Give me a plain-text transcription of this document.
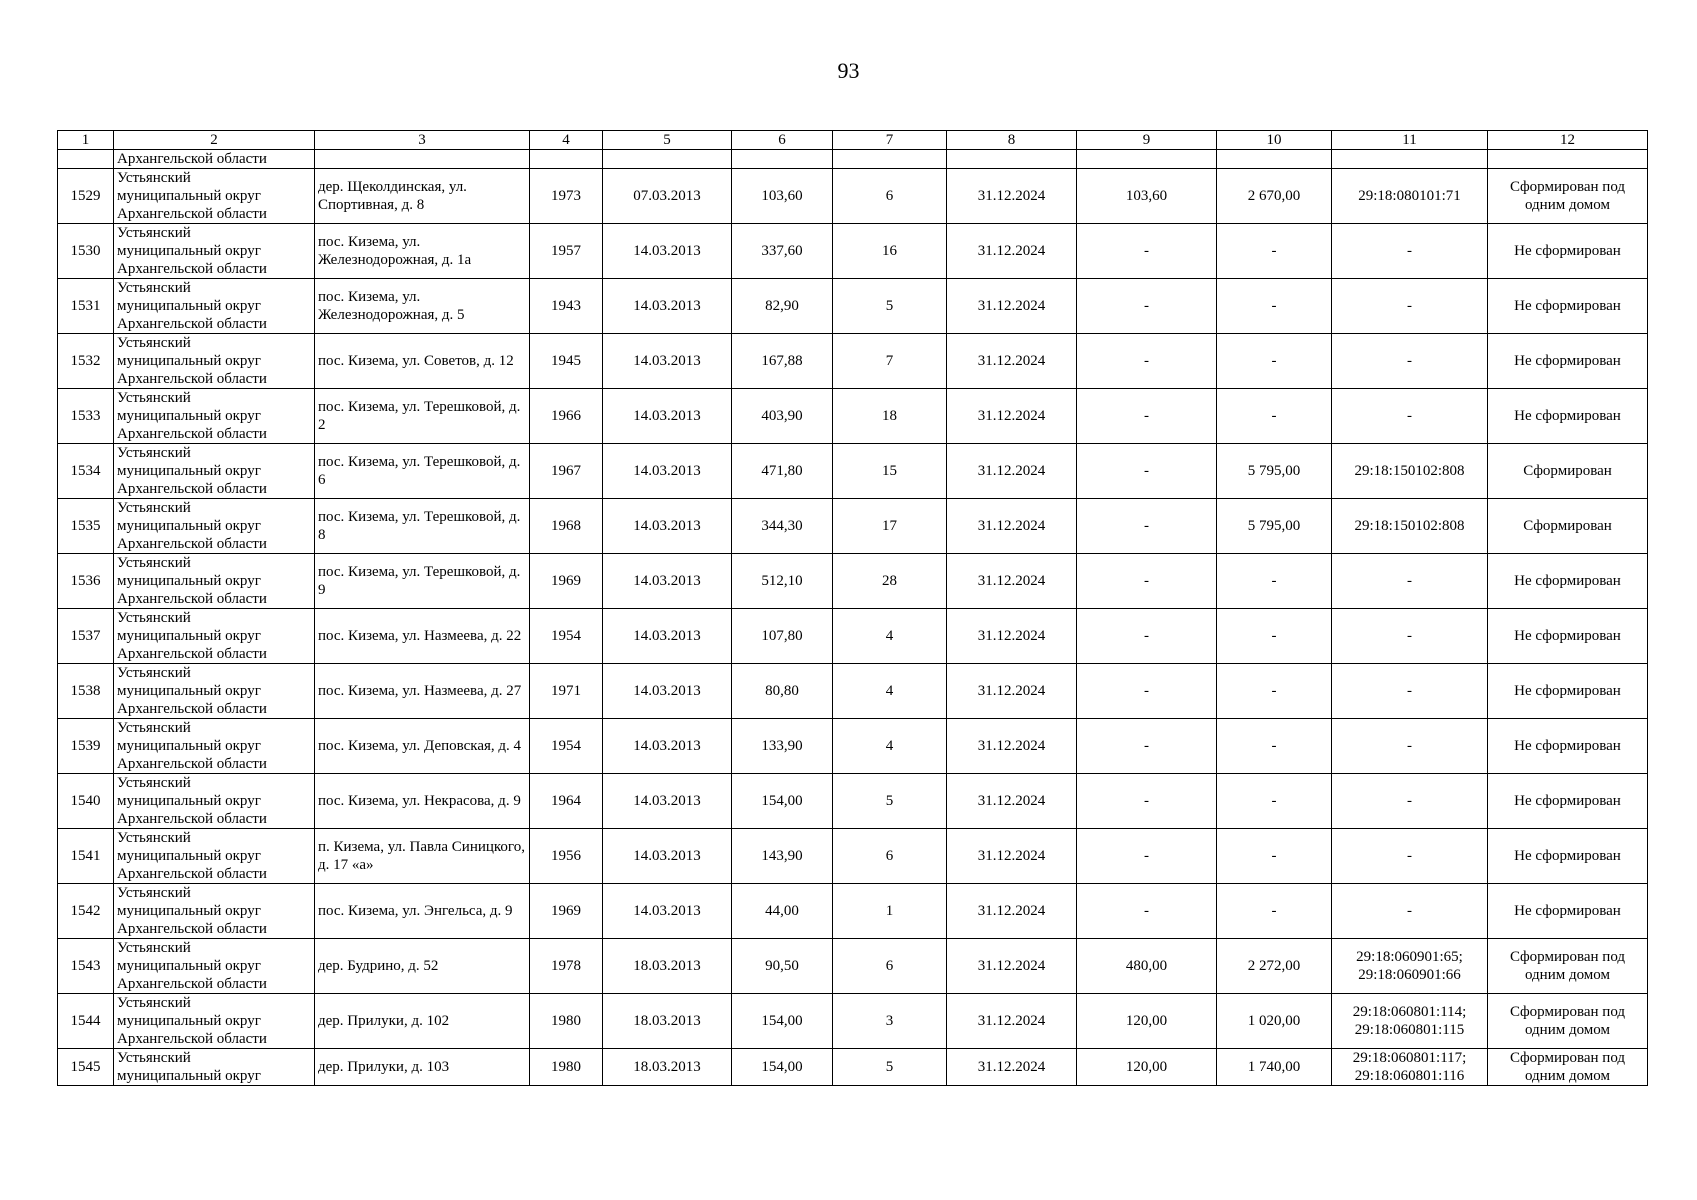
93
1	2	3	4	5	6	7	8	9	10	11	12
	Архангельской области										
1529	Устьянский
муниципальный округ
Архангельской области	дер. Щеколдинская, ул. Спортивная, д. 8	1973	07.03.2013	103,60	6	31.12.2024	103,60	2 670,00	29:18:080101:71	Сформирован под одним домом
1530	Устьянский
муниципальный округ
Архангельской области	пос. Кизема, ул. Железнодорожная, д. 1а	1957	14.03.2013	337,60	16	31.12.2024	-	-	-	Не сформирован
1531	Устьянский
муниципальный округ
Архангельской области	пос. Кизема, ул. Железнодорожная, д. 5	1943	14.03.2013	82,90	5	31.12.2024	-	-	-	Не сформирован
1532	Устьянский
муниципальный округ
Архангельской области	пос. Кизема, ул. Советов, д. 12	1945	14.03.2013	167,88	7	31.12.2024	-	-	-	Не сформирован
1533	Устьянский
муниципальный округ
Архангельской области	пос. Кизема, ул. Терешковой, д. 2	1966	14.03.2013	403,90	18	31.12.2024	-	-	-	Не сформирован
1534	Устьянский
муниципальный округ
Архангельской области	пос. Кизема, ул. Терешковой, д. 6	1967	14.03.2013	471,80	15	31.12.2024	-	5 795,00	29:18:150102:808	Сформирован
1535	Устьянский
муниципальный округ
Архангельской области	пос. Кизема, ул. Терешковой, д. 8	1968	14.03.2013	344,30	17	31.12.2024	-	5 795,00	29:18:150102:808	Сформирован
1536	Устьянский
муниципальный округ
Архангельской области	пос. Кизема, ул. Терешковой, д. 9	1969	14.03.2013	512,10	28	31.12.2024	-	-	-	Не сформирован
1537	Устьянский
муниципальный округ
Архангельской области	пос. Кизема, ул. Назмеева, д. 22	1954	14.03.2013	107,80	4	31.12.2024	-	-	-	Не сформирован
1538	Устьянский
муниципальный округ
Архангельской области	пос. Кизема, ул. Назмеева, д. 27	1971	14.03.2013	80,80	4	31.12.2024	-	-	-	Не сформирован
1539	Устьянский
муниципальный округ
Архангельской области	пос. Кизема, ул. Деповская, д. 4	1954	14.03.2013	133,90	4	31.12.2024	-	-	-	Не сформирован
1540	Устьянский
муниципальный округ
Архангельской области	пос. Кизема, ул. Некрасова, д. 9	1964	14.03.2013	154,00	5	31.12.2024	-	-	-	Не сформирован
1541	Устьянский
муниципальный округ
Архангельской области	п. Кизема, ул. Павла Синицкого, д. 17 «а»	1956	14.03.2013	143,90	6	31.12.2024	-	-	-	Не сформирован
1542	Устьянский
муниципальный округ
Архангельской области	пос. Кизема, ул. Энгельса, д. 9	1969	14.03.2013	44,00	1	31.12.2024	-	-	-	Не сформирован
1543	Устьянский
муниципальный округ
Архангельской области	дер. Будрино, д. 52	1978	18.03.2013	90,50	6	31.12.2024	480,00	2 272,00	29:18:060901:65;
29:18:060901:66	Сформирован под одним домом
1544	Устьянский
муниципальный округ
Архангельской области	дер. Прилуки, д. 102	1980	18.03.2013	154,00	3	31.12.2024	120,00	1 020,00	29:18:060801:114;
29:18:060801:115	Сформирован под одним домом
1545	Устьянский
муниципальный округ	дер. Прилуки, д. 103	1980	18.03.2013	154,00	5	31.12.2024	120,00	1 740,00	29:18:060801:117;
29:18:060801:116	Сформирован под одним домом
